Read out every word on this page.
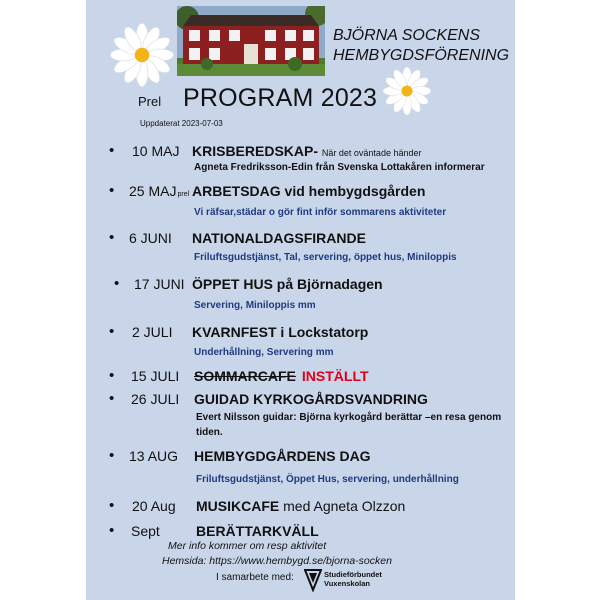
BJÖRNA SOCKENS
HEMBYGDSFÖRENING
Prel PROGRAM 2023
Uppdaterat 2023-07-03
• 10 MAJ KRISBEREDSKAP- När det oväntade händer
Agneta Fredriksson-Edin från Svenska Lottakåren informerar
• 25 MAJprel ARBETSDAG vid hembygdsgården
Vi räfsar,städar o gör fint inför sommarens aktiviteter
• 6 JUNI NATIONALDAGSFIRANDE
Friluftsgudstjänst, Tal, servering, öppet hus, Miniloppis
• 17 JUNI ÖPPET HUS på Björnadagen
Servering, Miniloppis mm
• 2 JULI KVARNFEST i Lockstatorp
Underhållning, Servering mm
• 15 JULI SOMMARCAFE INSTÄLLT
• 26 JULI GUIDAD KYRKOGÅRDSVANDRING
Evert Nilsson guidar: Björna kyrkogård berättar –en resa genom
tiden.
• 13 AUG HEMBYGDGÅRDENS DAG
Friluftsgudstjänst, Öppet Hus, servering, underhållning
• 20 Aug MUSIKCAFE med Agneta Olzzon
• Sept	BERÄTTARKVÄLL
Mer info kommer om resp aktivitet
Hemsida: https://www.hembygd.se/bjorna-socken
I samarbete med:	Studieförbundet
Vuxenskolan
